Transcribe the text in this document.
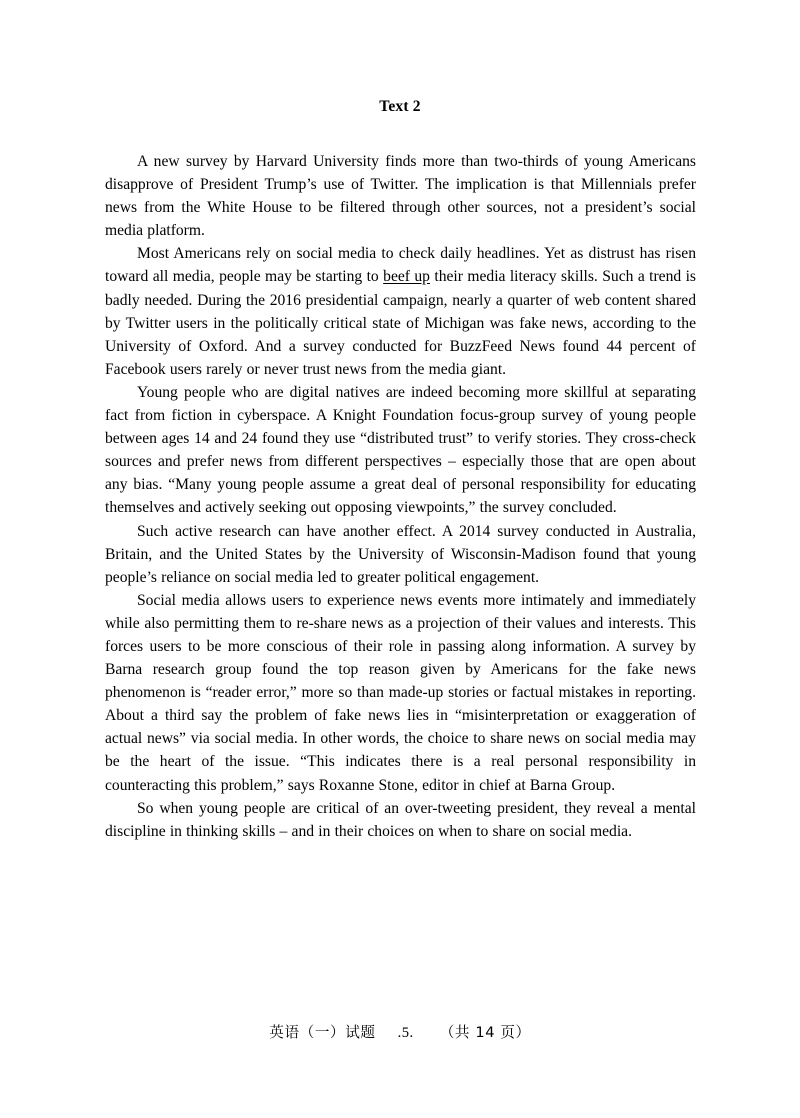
Text 2

A new survey by Harvard University finds more than two-thirds of young Americans disapprove of President Trump’s use of Twitter. The implication is that Millennials prefer news from the White House to be filtered through other sources, not a president’s social media platform.

Most Americans rely on social media to check daily headlines. Yet as distrust has risen toward all media, people may be starting to beef up their media literacy skills. Such a trend is badly needed. During the 2016 presidential campaign, nearly a quarter of web content shared by Twitter users in the politically critical state of Michigan was fake news, according to the University of Oxford. And a survey conducted for BuzzFeed News found 44 percent of Facebook users rarely or never trust news from the media giant.

Young people who are digital natives are indeed becoming more skillful at separating fact from fiction in cyberspace. A Knight Foundation focus-group survey of young people between ages 14 and 24 found they use “distributed trust” to verify stories. They cross-check sources and prefer news from different perspectives – especially those that are open about any bias. “Many young people assume a great deal of personal responsibility for educating themselves and actively seeking out opposing viewpoints,” the survey concluded.

Such active research can have another effect. A 2014 survey conducted in Australia, Britain, and the United States by the University of Wisconsin-Madison found that young people’s reliance on social media led to greater political engagement.

Social media allows users to experience news events more intimately and immediately while also permitting them to re-share news as a projection of their values and interests. This forces users to be more conscious of their role in passing along information. A survey by Barna research group found the top reason given by Americans for the fake news phenomenon is “reader error,” more so than made-up stories or factual mistakes in reporting. About a third say the problem of fake news lies in “misinterpretation or exaggeration of actual news” via social media. In other words, the choice to share news on social media may be the heart of the issue. “This indicates there is a real personal responsibility in counteracting this problem,” says Roxanne Stone, editor in chief at Barna Group.

So when young people are critical of an over-tweeting president, they reveal a mental discipline in thinking skills – and in their choices on when to share on social media.

英语（一）试题 .5. （共 14 页）
